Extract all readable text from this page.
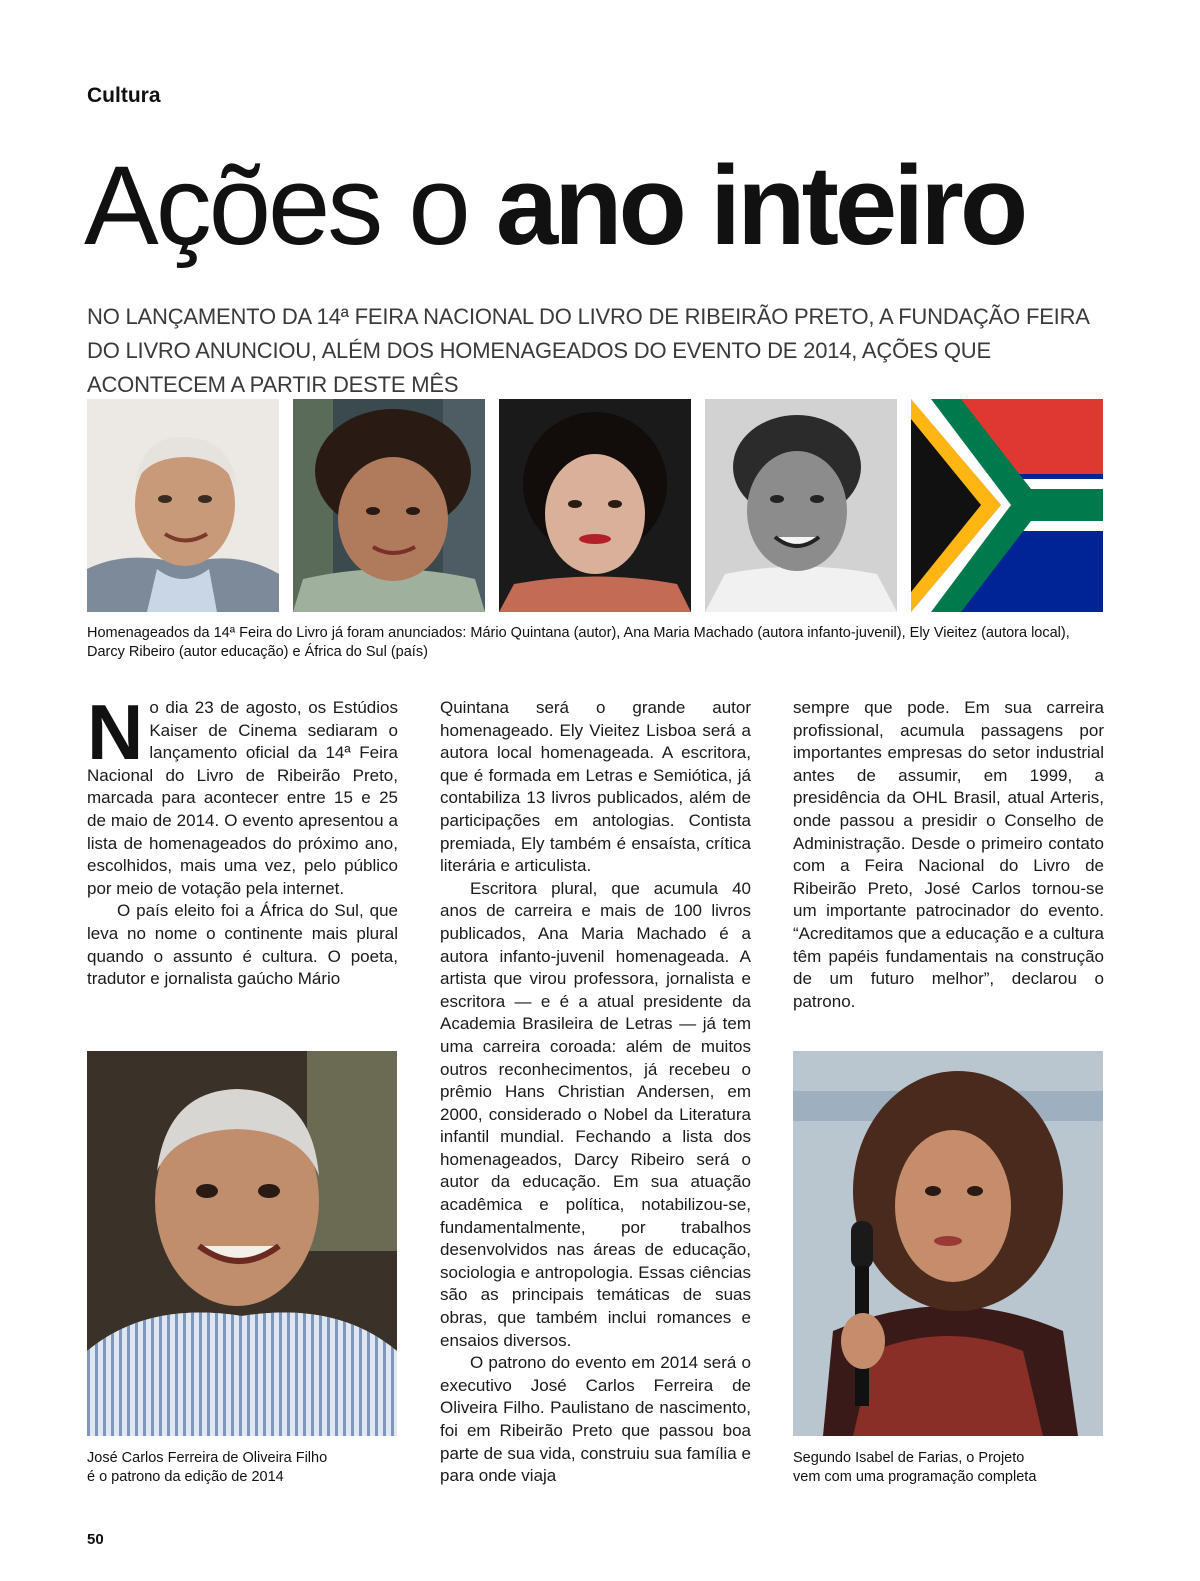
Cultura
Ações o ano inteiro
NO LANÇAMENTO DA 14ª FEIRA NACIONAL DO LIVRO DE RIBEIRÃO PRETO, A FUNDAÇÃO FEIRA DO LIVRO ANUNCIOU, ALÉM DOS HOMENAGEADOS DO EVENTO DE 2014, AÇÕES QUE ACONTECEM A PARTIR DESTE MÊS
Homenageados da 14ª Feira do Livro já foram anunciados: Mário Quintana (autor), Ana Maria Machado (autora infanto-juvenil), Ely Vieitez (autora local), Darcy Ribeiro (autor educação) e África do Sul (país)

No dia 23 de agosto, os Estúdios Kaiser de Cinema sediaram o lançamento oficial da 14ª Feira Nacional do Livro de Ribeirão Preto, marcada para acontecer entre 15 e 25 de maio de 2014. O evento apresentou a lista de homenageados do próximo ano, escolhidos, mais uma vez, pelo público por meio de votação pela internet.

O país eleito foi a África do Sul, que leva no nome o continente mais plural quando o assunto é cultura. O poeta, tradutor e jornalista gaúcho Mário

Quintana será o grande autor homenageado. Ely Vieitez Lisboa será a autora local homenageada. A escritora, que é formada em Letras e Semiótica, já contabiliza 13 livros publicados, além de participações em antologias. Contista premiada, Ely também é ensaísta, crítica literária e articulista.

Escritora plural, que acumula 40 anos de carreira e mais de 100 livros publicados, Ana Maria Machado é a autora infanto-juvenil homenageada. A artista que virou professora, jornalista e escritora — e é a atual presidente da Academia Brasileira de Letras — já tem uma carreira coroada: além de muitos outros reconhecimentos, já recebeu o prêmio Hans Christian Andersen, em 2000, considerado o Nobel da Literatura infantil mundial. Fechando a lista dos homenageados, Darcy Ribeiro será o autor da educação. Em sua atuação acadêmica e política, notabilizou-se, fundamentalmente, por trabalhos desenvolvidos nas áreas de educação, sociologia e antropologia. Essas ciências são as principais temáticas de suas obras, que também inclui romances e ensaios diversos.

O patrono do evento em 2014 será o executivo José Carlos Ferreira de Oliveira Filho. Paulistano de nascimento, foi em Ribeirão Preto que passou boa parte de sua vida, construiu sua família e para onde viaja

sempre que pode. Em sua carreira profissional, acumula passagens por importantes empresas do setor industrial antes de assumir, em 1999, a presidência da OHL Brasil, atual Arteris, onde passou a presidir o Conselho de Administração. Desde o primeiro contato com a Feira Nacional do Livro de Ribeirão Preto, José Carlos tornou-se um importante patrocinador do evento. “Acreditamos que a educação e a cultura têm papéis fundamentais na construção de um futuro melhor”, declarou o patrono.

José Carlos Ferreira de Oliveira Filho
é o patrono da edição de 2014
Segundo Isabel de Farias, o Projeto
vem com uma programação completa
50
